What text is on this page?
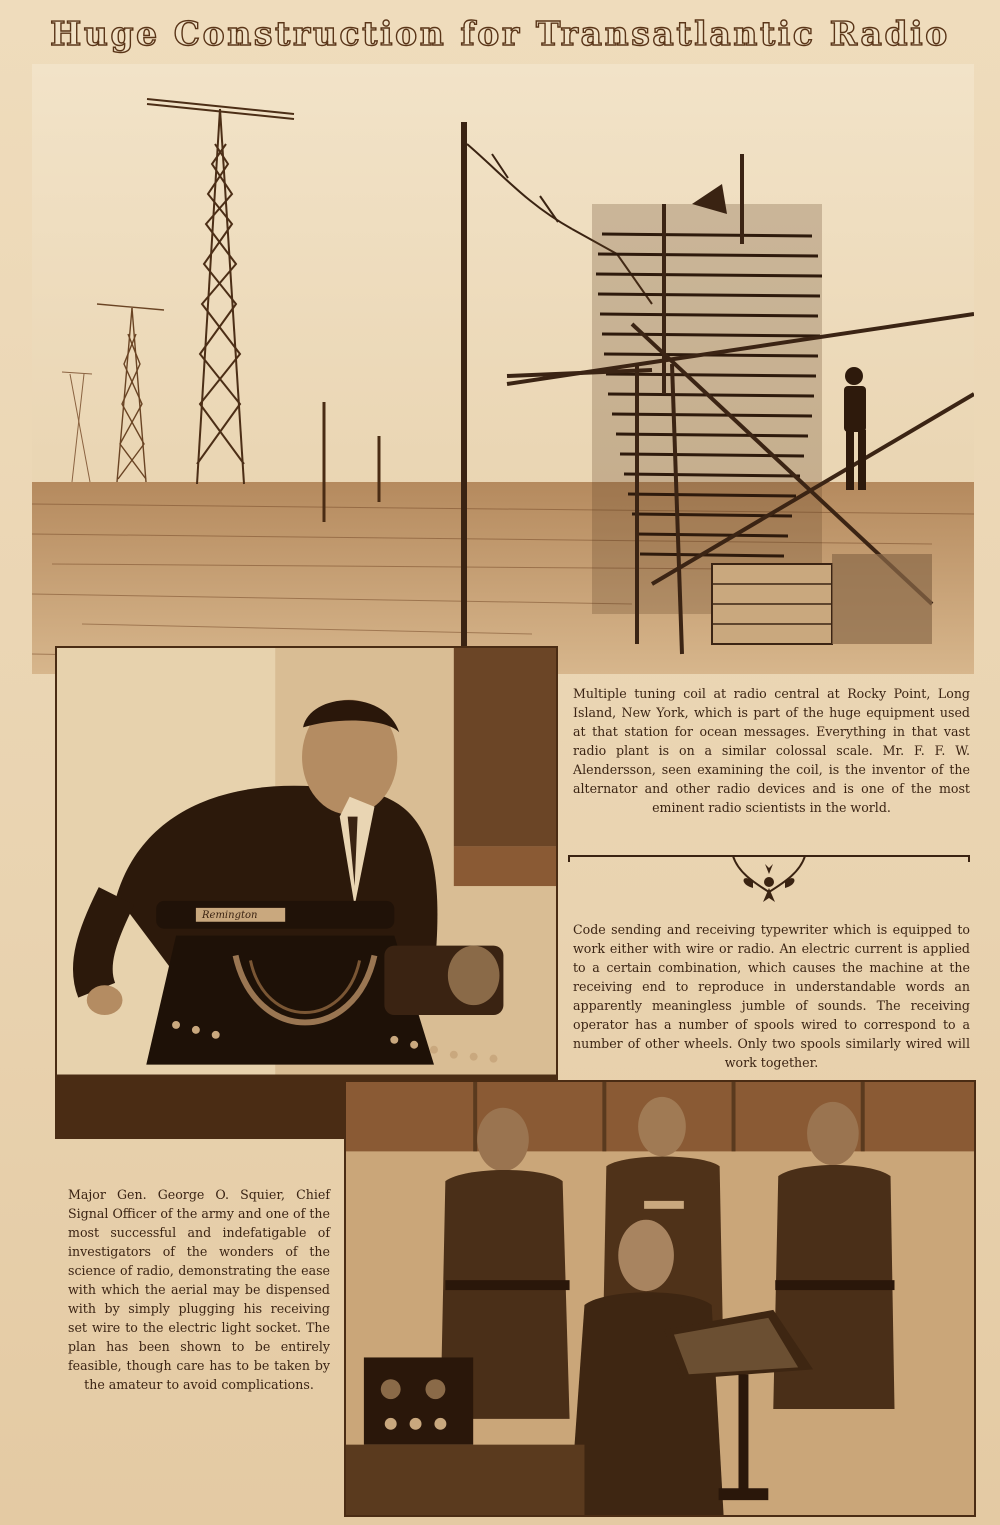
Huge Construction for Transatlantic Radio
Remington
Multiple tuning coil at radio central at Rocky Point, Long Island, New York, which is part of the huge equipment used at that station for ocean messages. Everything in that vast radio plant is on a similar colossal scale. Mr. F. F. W. Alendersson, seen examining the coil, is the inventor of the alternator and other radio devices and is one of the most eminent radio scientists in the world.
Code sending and receiving typewriter which is equipped to work either with wire or radio. An electric current is applied to a certain combination, which causes the machine at the receiving end to reproduce in understandable words an apparently meaningless jumble of sounds. The receiving operator has a number of spools wired to correspond to a number of other wheels. Only two spools similarly wired will work together.
Major Gen. George O. Squier, Chief Signal Officer of the army and one of the most successful and indefatigable of investigators of the wonders of the science of radio, demonstrating the ease with which the aerial may be dispensed with by simply plugging his receiving set wire to the electric light socket. The plan has been shown to be entirely feasible, though care has to be taken by the amateur to avoid complications.
